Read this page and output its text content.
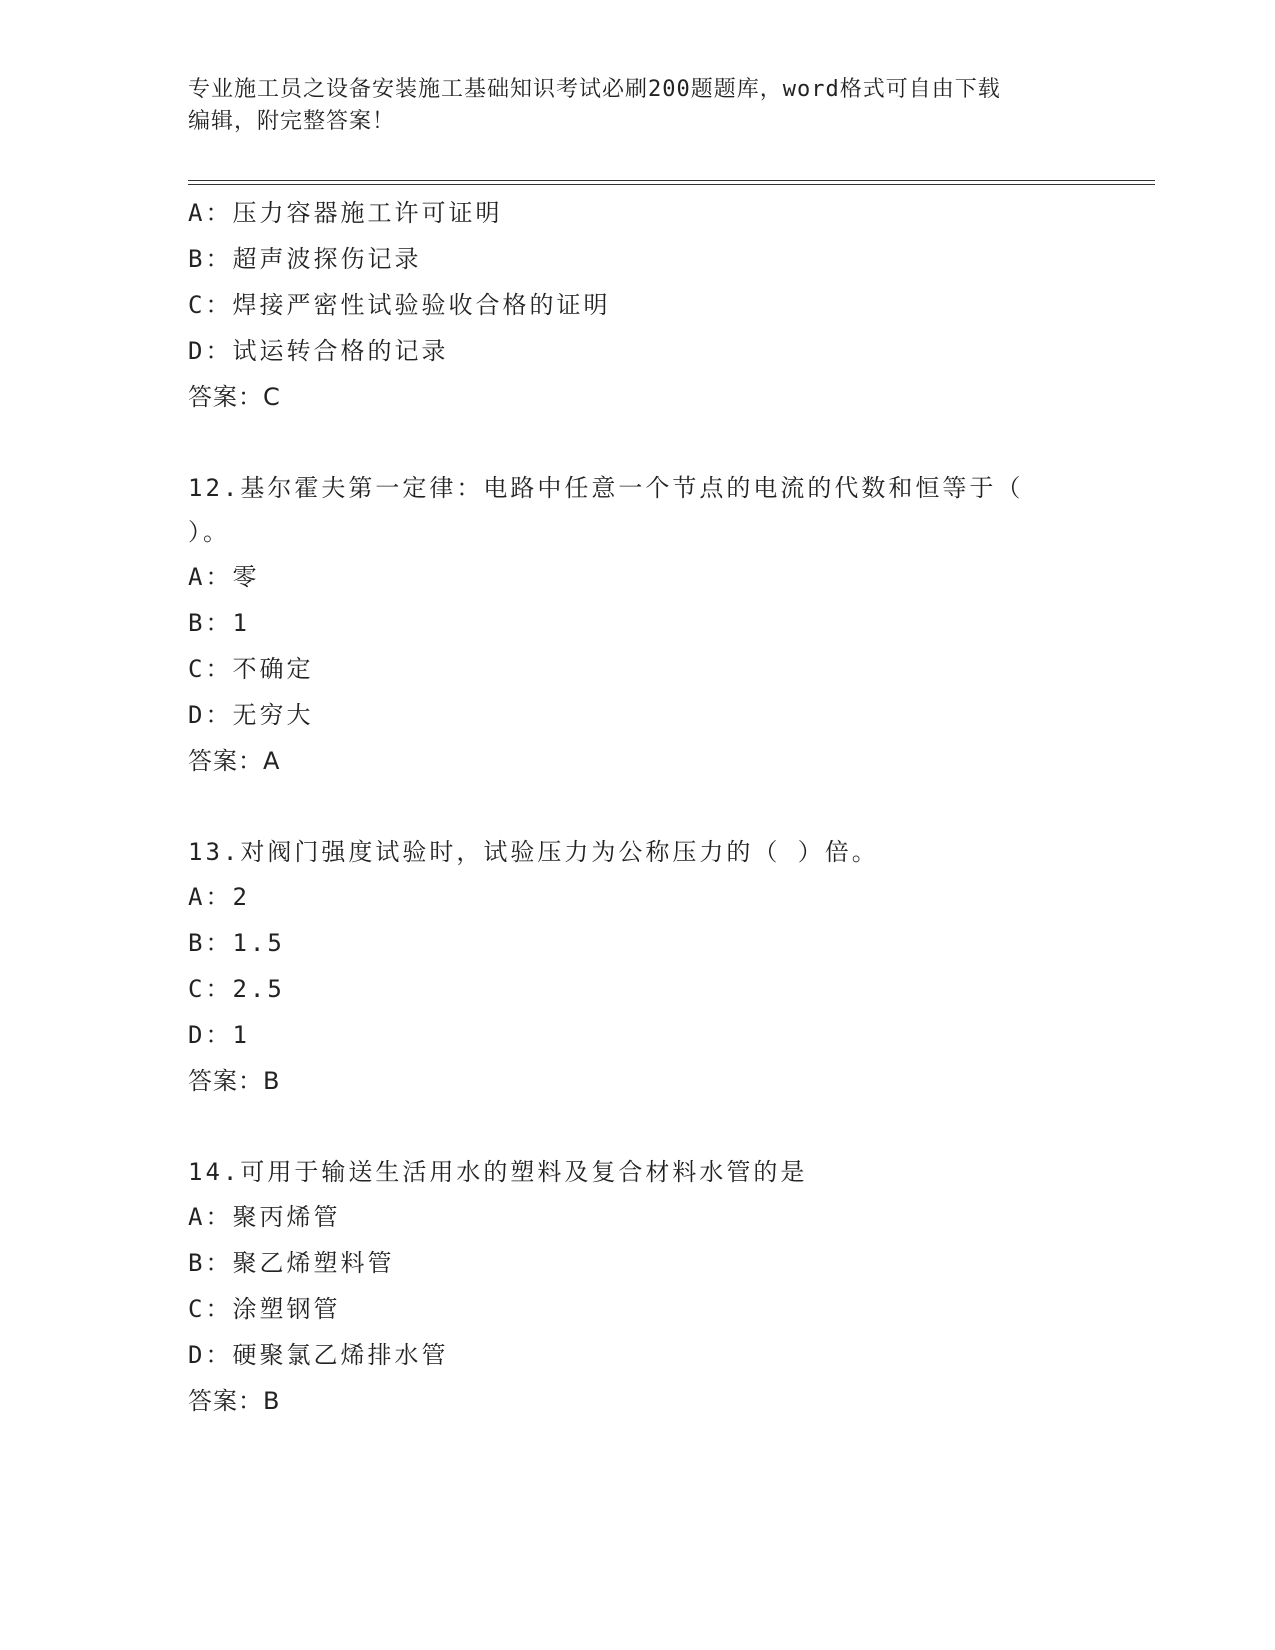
专业施工员之设备安装施工基础知识考试必刷200题题库，word格式可自由下载
编辑，附完整答案！
A：压力容器施工许可证明
B：超声波探伤记录
C：焊接严密性试验验收合格的证明
D：试运转合格的记录
答案：C
12.基尔霍夫第一定律：电路中任意一个节点的电流的代数和恒等于（
）。
A：零
B：1
C：不确定
D：无穷大
答案：A
13.对阀门强度试验时，试验压力为公称压力的（ ）倍。
A：2
B：1.5
C：2.5
D：1
答案：B
14.可用于输送生活用水的塑料及复合材料水管的是
A：聚丙烯管
B：聚乙烯塑料管
C：涂塑钢管
D：硬聚氯乙烯排水管
答案：B
